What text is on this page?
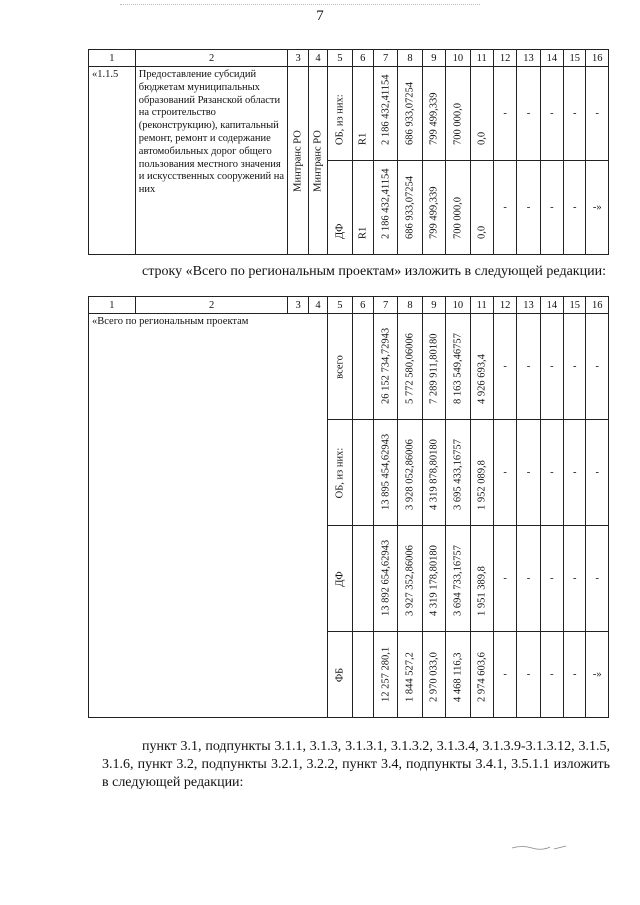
7
1	2	3	4	5	6	7	8	9	10	11	12	13	14	15	16
«1.1.5	Предоставление субсидий бюджетам муниципальных образований Рязанской области на строительство (реконструкцию), капитальный ремонт, ремонт и содержание автомобильных дорог общего пользования местного значения и искусственных сооружений на них	Минтранс РО	Минтранс РО	ОБ, из них:	R1	2 186 432,41154	686 933,07254	799 499,339	700 000,0	0,0	-	-	-	-	-

				ДФ	R1	2 186 432,41154	686 933,07254	799 499,339	700 000,0	0,0	-	-	-	-	-»
строку «Всего по региональным проектам» изложить в следующей редакции:
1	2	3	4	5	6	7	8	9	10	11	12	13	14	15	16
«Всего по региональным проектам				всего		26 152 734,72943	5 772 580,06006	7 289 911,80180	8 163 549,46757	4 926 693,4	-	-	-	-	-

				ОБ, из них:		13 895 454,62943	3 928 052,86006	4 319 878,80180	3 695 433,16757	1 952 089,8	-	-	-	-	-

				ДФ		13 892 654,62943	3 927 352,86006	4 319 178,80180	3 694 733,16757	1 951 389,8	-	-	-	-	-

				ФБ		12 257 280,1	1 844 527,2	2 970 033,0	4 468 116,3	2 974 603,6	-	-	-	-	-»
пункт 3.1, подпункты 3.1.1, 3.1.3, 3.1.3.1, 3.1.3.2, 3.1.3.4, 3.1.3.9-3.1.3.12, 3.1.5, 3.1.6, пункт 3.2, подпункты 3.2.1, 3.2.2, пункт 3.4, подпункты 3.4.1, 3.5.1.1 изложить в следующей редакции:
